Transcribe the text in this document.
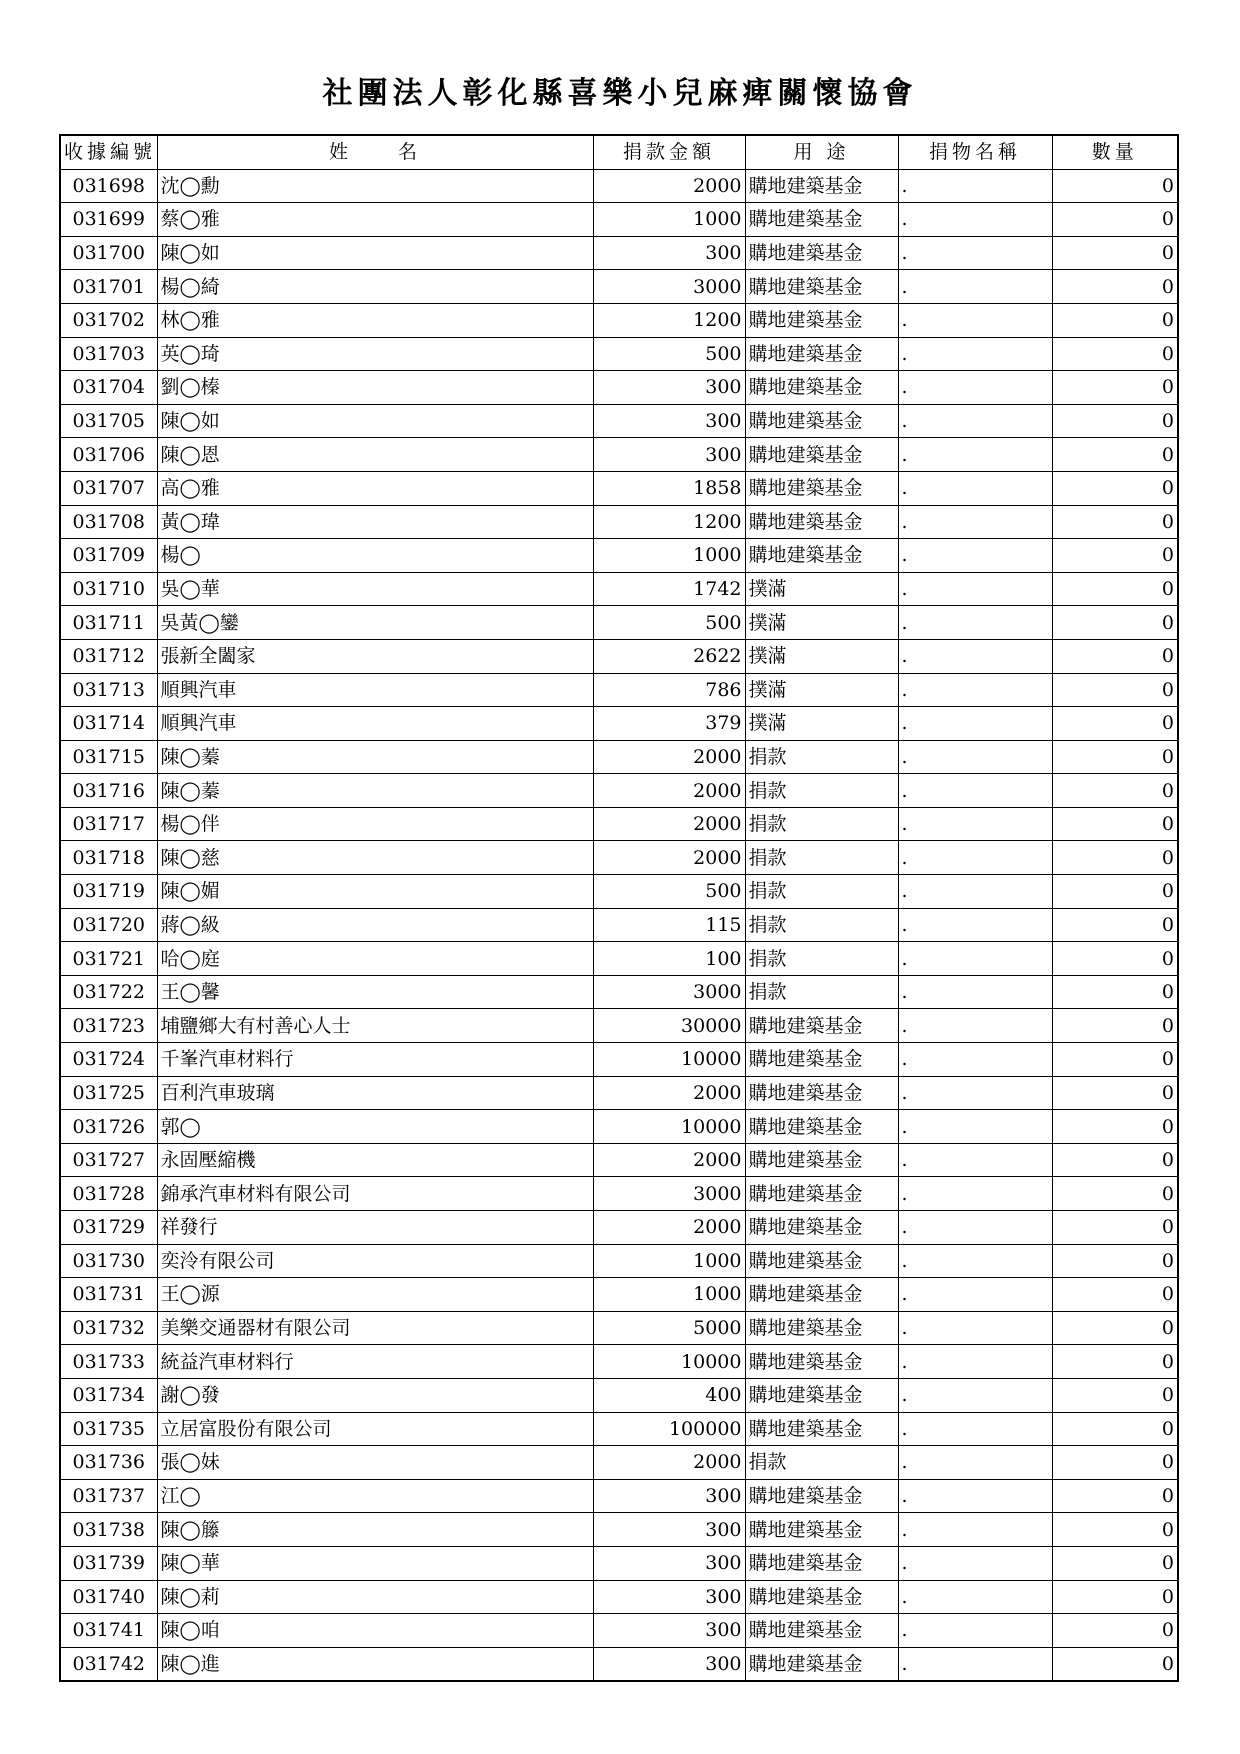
社團法人彰化縣喜樂小兒麻痺關懷協會
收據編號	姓　　名	捐款金額	用 途	捐物名稱	數量
031698	沈◯勳	2000	購地建築基金	.	0
031699	蔡◯雅	1000	購地建築基金	.	0
031700	陳◯如	300	購地建築基金	.	0
031701	楊◯綺	3000	購地建築基金	.	0
031702	林◯雅	1200	購地建築基金	.	0
031703	英◯琦	500	購地建築基金	.	0
031704	劉◯榛	300	購地建築基金	.	0
031705	陳◯如	300	購地建築基金	.	0
031706	陳◯恩	300	購地建築基金	.	0
031707	高◯雅	1858	購地建築基金	.	0
031708	黃◯瑋	1200	購地建築基金	.	0
031709	楊◯	1000	購地建築基金	.	0
031710	吳◯華	1742	撲滿	.	0
031711	吳黃◯鑾	500	撲滿	.	0
031712	張新全闔家	2622	撲滿	.	0
031713	順興汽車	786	撲滿	.	0
031714	順興汽車	379	撲滿	.	0
031715	陳◯蓁	2000	捐款	.	0
031716	陳◯蓁	2000	捐款	.	0
031717	楊◯伴	2000	捐款	.	0
031718	陳◯慈	2000	捐款	.	0
031719	陳◯媚	500	捐款	.	0
031720	蔣◯級	115	捐款	.	0
031721	哈◯庭	100	捐款	.	0
031722	王◯馨	3000	捐款	.	0
031723	埔鹽鄉大有村善心人士	30000	購地建築基金	.	0
031724	千峯汽車材料行	10000	購地建築基金	.	0
031725	百利汽車玻璃	2000	購地建築基金	.	0
031726	郭◯	10000	購地建築基金	.	0
031727	永固壓縮機	2000	購地建築基金	.	0
031728	錦承汽車材料有限公司	3000	購地建築基金	.	0
031729	祥發行	2000	購地建築基金	.	0
031730	奕泠有限公司	1000	購地建築基金	.	0
031731	王◯源	1000	購地建築基金	.	0
031732	美樂交通器材有限公司	5000	購地建築基金	.	0
031733	統益汽車材料行	10000	購地建築基金	.	0
031734	謝◯發	400	購地建築基金	.	0
031735	立居富股份有限公司	100000	購地建築基金	.	0
031736	張◯妹	2000	捐款	.	0
031737	江◯	300	購地建築基金	.	0
031738	陳◯籐	300	購地建築基金	.	0
031739	陳◯華	300	購地建築基金	.	0
031740	陳◯莉	300	購地建築基金	.	0
031741	陳◯咱	300	購地建築基金	.	0
031742	陳◯進	300	購地建築基金	.	0
